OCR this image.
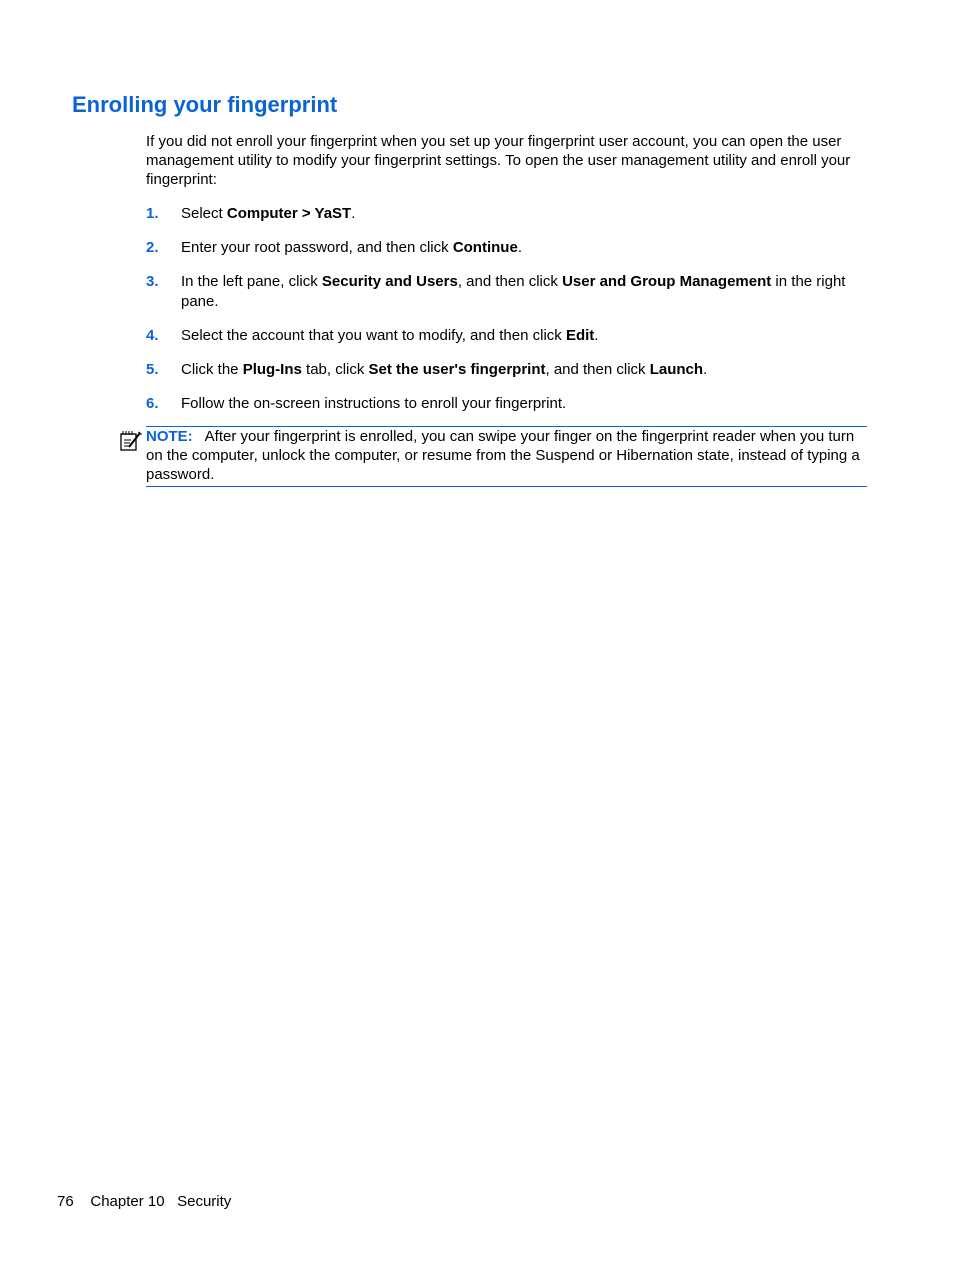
Enrolling your fingerprint

If you did not enroll your fingerprint when you set up your fingerprint user account, you can open the user management utility to modify your fingerprint settings. To open the user management utility and enroll your fingerprint:

1. Select Computer > YaST.
2. Enter your root password, and then click Continue.
3. In the left pane, click Security and Users, and then click User and Group Management in the right pane.
4. Select the account that you want to modify, and then click Edit.
5. Click the Plug-Ins tab, click Set the user's fingerprint, and then click Launch.
6. Follow the on-screen instructions to enroll your fingerprint.
NOTE: After your fingerprint is enrolled, you can swipe your finger on the fingerprint reader when you turn on the computer, unlock the computer, or resume from the Suspend or Hibernation state, instead of typing a password.
76 Chapter 10 Security
